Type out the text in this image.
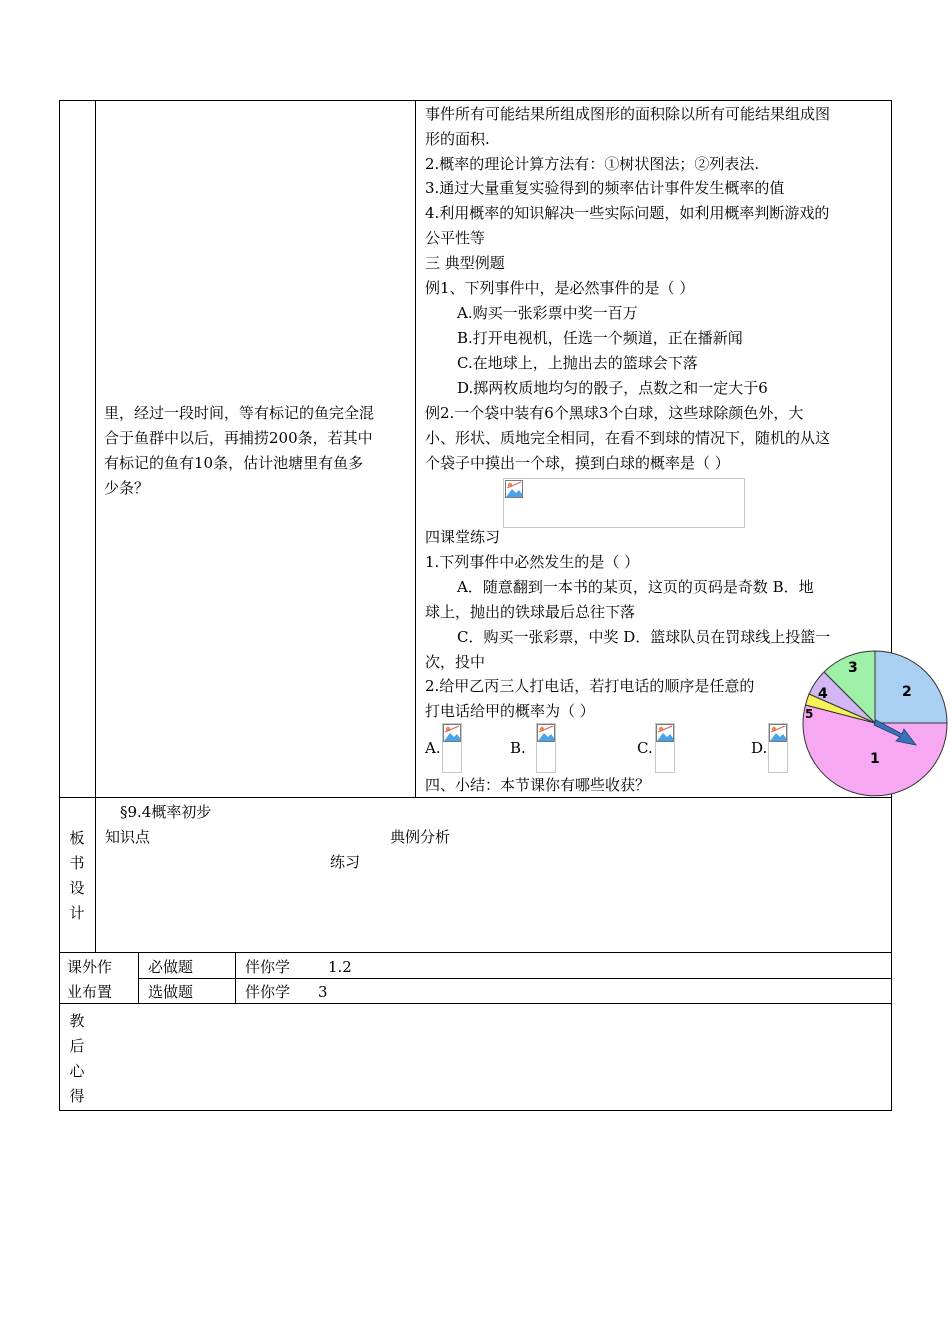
里，经过一段时间，等有标记的鱼完全混
合于鱼群中以后，再捕捞200条，若其中
有标记的鱼有10条，估计池塘里有鱼多
少条？
事件所有可能结果所组成图形的面积除以所有可能结果组成图
形的面积.
2.概率的理论计算方法有：①树状图法；②列表法.
3.通过大量重复实验得到的频率估计事件发生概率的值
4.利用概率的知识解决一些实际问题，如利用概率判断游戏的
公平性等
三 典型例题
例1、下列事件中，是必然事件的是（ ）
A.购买一张彩票中奖一百万
B.打开电视机，任选一个频道，正在播新闻
C.在地球上，上抛出去的篮球会下落
D.掷两枚质地均匀的骰子，点数之和一定大于6
例2.一个袋中装有6个黑球3个白球，这些球除颜色外，大
小、形状、质地完全相同，在看不到球的情况下，随机的从这
个袋子中摸出一个球，摸到白球的概率是（ ）
四课堂练习
1.下列事件中必然发生的是（ ）
A．随意翻到一本书的某页，这页的页码是奇数 B．地
球上，抛出的铁球最后总往下落
C．购买一张彩票，中奖 D．篮球队员在罚球线上投篮一
次，投中
2.给甲乙丙三人打电话，若打电话的顺序是任意的
打电话给甲的概率为（ ）
A.	B.	C.	D.
四、小结：本节课你有哪些收获？
1
2
3
4
5
板
书
设
计
§9.4概率初步
知识点	典例分析
练习
课外作
业布置
必做题	伴你学	1.2
选做题	伴你学 3
教
后
心
得
